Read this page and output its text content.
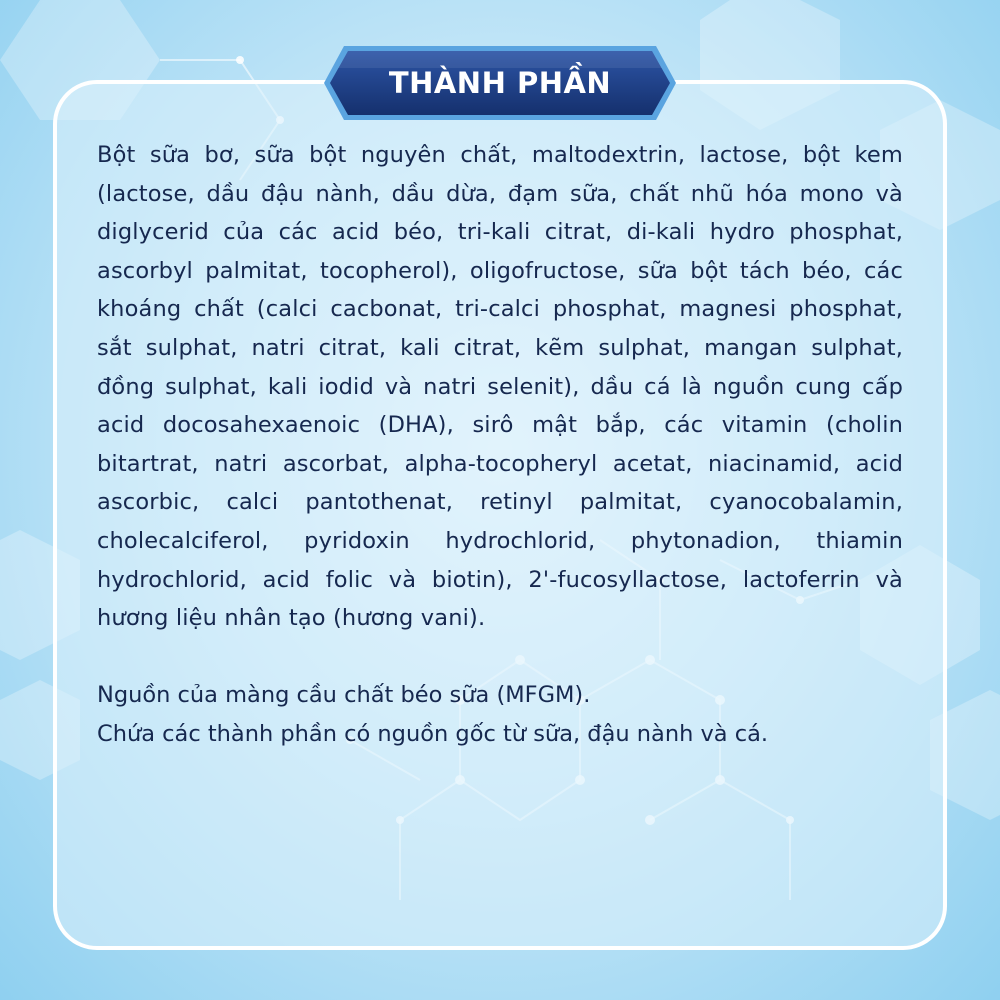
THÀNH PHẦN

Bột sữa bơ, sữa bột nguyên chất, maltodextrin, lactose, bột kem (lactose, dầu đậu nành, dầu dừa, đạm sữa, chất nhũ hóa mono và diglycerid của các acid béo, tri-kali citrat, di-kali hydro phosphat, ascorbyl palmitat, tocopherol), oligofructose, sữa bột tách béo, các khoáng chất (calci cacbonat, tri-calci phosphat, magnesi phosphat, sắt sulphat, natri citrat, kali citrat, kẽm sulphat, mangan sulphat, đồng sulphat, kali iodid và natri selenit), dầu cá là nguồn cung cấp acid docosahexaenoic (DHA), sirô mật bắp, các vitamin (cholin bitartrat, natri ascorbat, alpha-tocopheryl acetat, niacinamid, acid ascorbic, calci pantothenat, retinyl palmitat, cyanocobalamin, cholecalciferol, pyridoxin hydrochlorid, phytonadion, thiamin hydrochlorid, acid folic và biotin), 2'-fucosyllactose, lactoferrin và hương liệu nhân tạo (hương vani).

Nguồn của màng cầu chất béo sữa (MFGM).

Chứa các thành phần có nguồn gốc từ sữa, đậu nành và cá.
